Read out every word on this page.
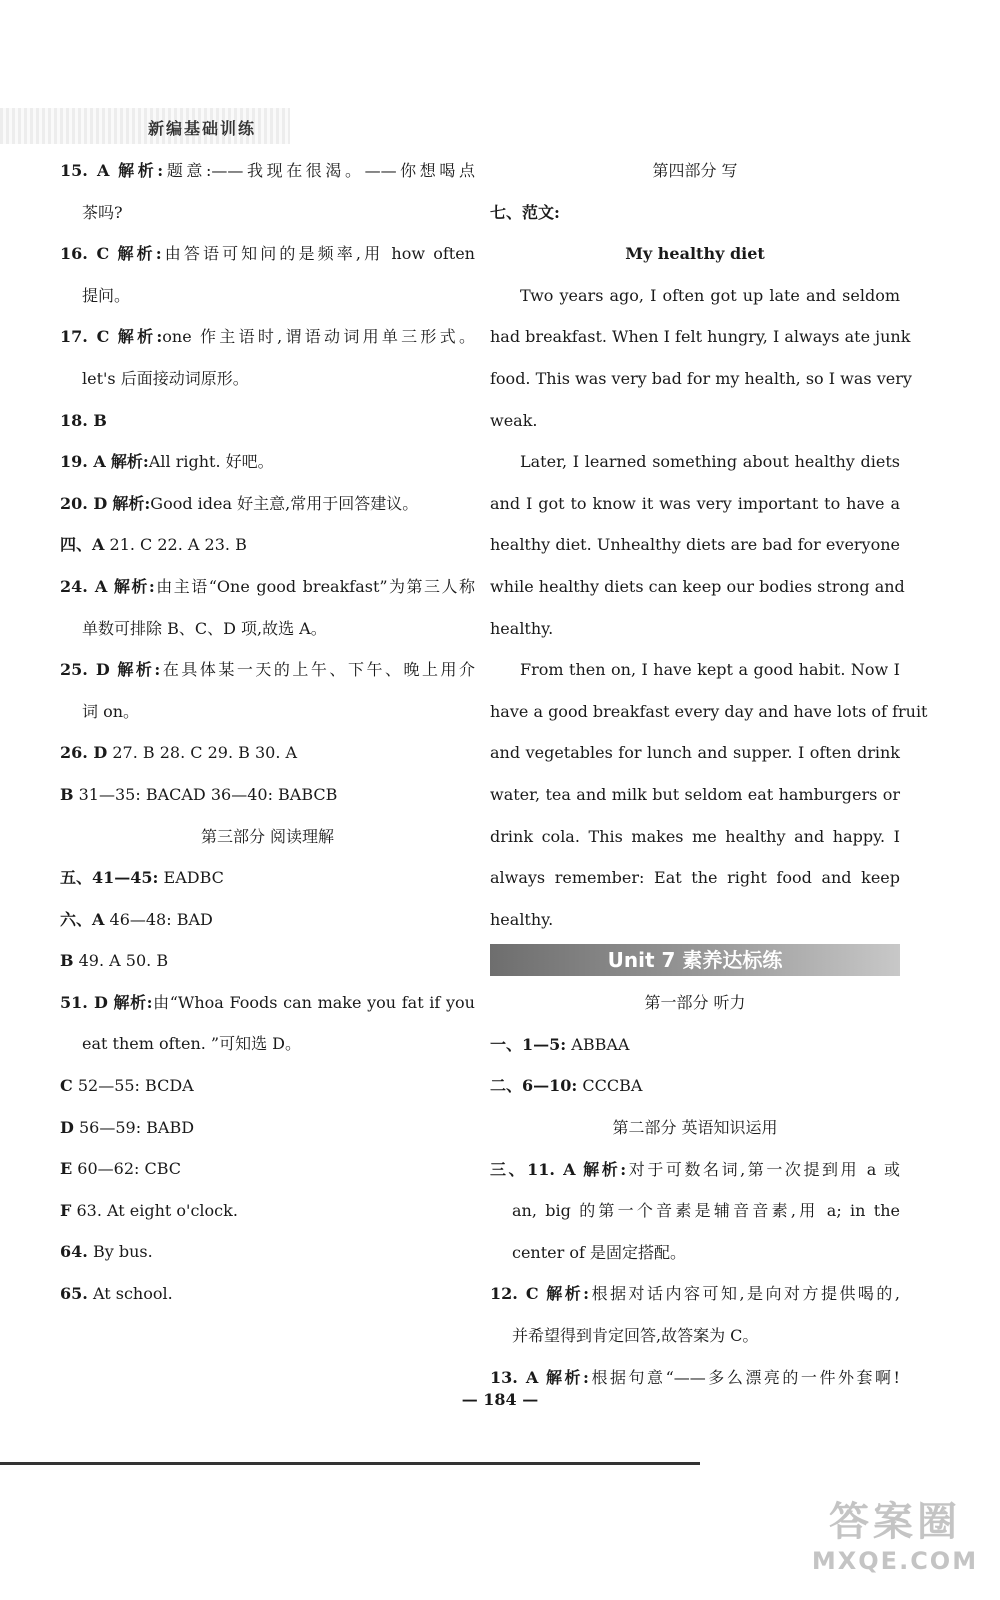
新编基础训练
15. A 解析:题意:——我现在很渴。——你想喝点
茶吗?
16. C 解析:由答语可知问的是频率,用 how often
提问。
17. C 解析:one 作主语时,谓语动词用单三形式。
let's 后面接动词原形。
18. B
19. A 解析:All right. 好吧。
20. D 解析:Good idea 好主意,常用于回答建议。
四、A 21. C 22. A 23. B
24. A 解析:由主语“One good breakfast”为第三人称
单数可排除 B、C、D 项,故选 A。
25. D 解析:在具体某一天的上午、下午、晚上用介
词 on。
26. D 27. B 28. C 29. B 30. A
B 31—35: BACAD 36—40: BABCB
第三部分 阅读理解
五、41—45: EADBC
六、A 46—48: BAD
B 49. A 50. B
51. D 解析:由“Whoa Foods can make you fat if you
eat them often. ”可知选 D。
C 52—55: BCDA
D 56—59: BABD
E 60—62: CBC
F 63. At eight o'clock.
64. By bus.
65. At school.
第四部分 写
七、范文:
My healthy diet
Two years ago, I often got up late and seldom
had breakfast. When I felt hungry, I always ate junk
food. This was very bad for my health, so I was very
weak.
Later, I learned something about healthy diets
and I got to know it was very important to have a
healthy diet. Unhealthy diets are bad for everyone
while healthy diets can keep our bodies strong and
healthy.
From then on, I have kept a good habit. Now I
have a good breakfast every day and have lots of fruit
and vegetables for lunch and supper. I often drink
water, tea and milk but seldom eat hamburgers or
drink cola. This makes me healthy and happy. I
always remember: Eat the right food and keep
healthy.
Unit 7 素养达标练
第一部分 听力
一、1—5: ABBAA
二、6—10: CCCBA
第二部分 英语知识运用
三、11. A 解析:对于可数名词,第一次提到用 a 或
an, big 的第一个音素是辅音音素,用 a; in the
center of 是固定搭配。
12. C 解析:根据对话内容可知,是向对方提供喝的,
并希望得到肯定回答,故答案为 C。
13. A 解析:根据句意“——多么漂亮的一件外套啊!
— 184 —
答案圈
MXQE.COM
